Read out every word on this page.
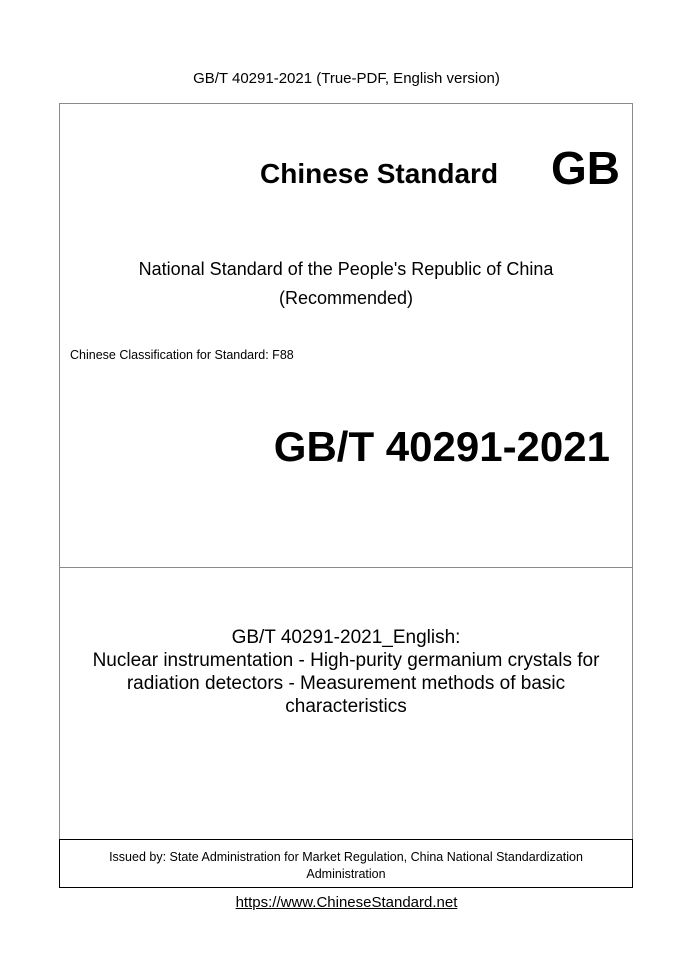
GB/T 40291-2021 (True-PDF, English version)
Chinese Standard GB
National Standard of the People's Republic of China
(Recommended)
Chinese Classification for Standard: F88
GB/T 40291-2021
GB/T 40291-2021_English:
Nuclear instrumentation - High-purity germanium crystals for
radiation detectors - Measurement methods of basic
characteristics
Issued by: State Administration for Market Regulation, China National Standardization
Administration
https://www.ChineseStandard.net
